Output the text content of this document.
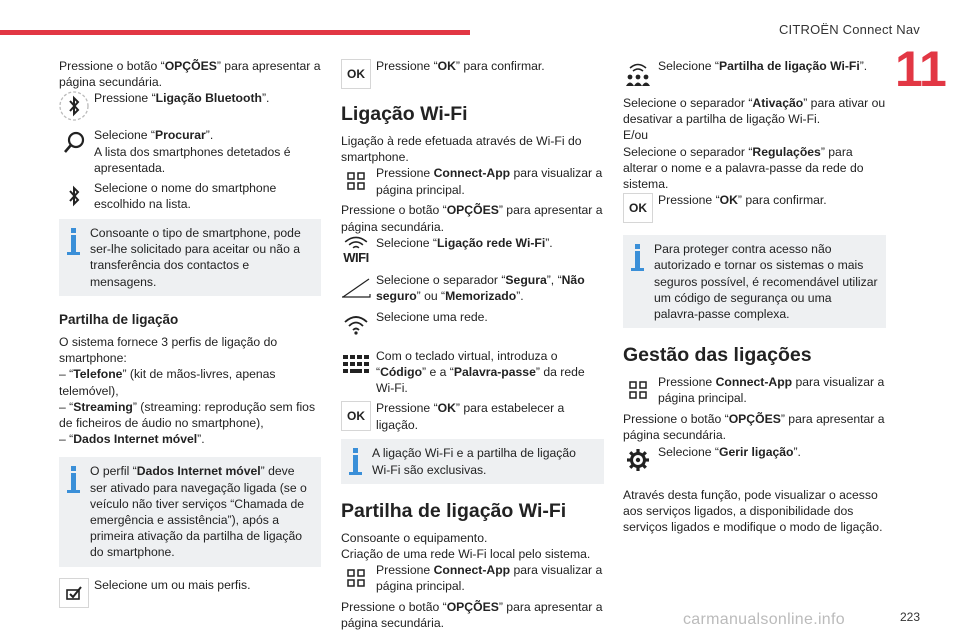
CITROËN Connect Nav
11

Pressione o botão “OPÇÕES” para apresentar a página secundária.

Pressione “Ligação Bluetooth”.

Selecione “Procurar”.
A lista dos smartphones detetados é apresentada.

Selecione o nome do smartphone escolhido na lista.

Consoante o tipo de smartphone, pode ser-lhe solicitado para aceitar ou não a transferência dos contactos e mensagens.

Partilha de ligação

O sistema fornece 3 perfis de ligação do smartphone:

– “Telefone” (kit de mãos-livres, apenas telemóvel),

– “Streaming” (streaming: reprodução sem fios de ficheiros de áudio no smartphone),

– “Dados Internet móvel”.

O perfil “Dados Internet móvel” deve ser ativado para navegação ligada (se o veículo não tiver serviços “Chamada de emergência e assistência”), após a primeira ativação da partilha de ligação do smartphone.

Selecione um ou mais perfis.

OK

Pressione “OK” para confirmar.

Ligação Wi-Fi

Ligação à rede efetuada através de Wi-Fi do smartphone.

Pressione Connect-App para visualizar a página principal.

Pressione o botão “OPÇÕES” para apresentar a página secundária.

WIFI

Selecione “Ligação rede Wi-Fi”.

Selecione o separador “Segura”, “Não seguro” ou “Memorizado”.

Selecione uma rede.

Com o teclado virtual, introduza o “Código” e a “Palavra-passe” da rede Wi-Fi.

OK

Pressione “OK” para estabelecer a ligação.

A ligação Wi-Fi e a partilha de ligação Wi-Fi são exclusivas.

Partilha de ligação Wi-Fi

Consoante o equipamento.

Criação de uma rede Wi-Fi local pelo sistema.

Pressione Connect-App para visualizar a página principal.

Pressione o botão “OPÇÕES” para apresentar a página secundária.

Selecione “Partilha de ligação Wi-Fi”.

Selecione o separador “Ativação” para ativar ou desativar a partilha de ligação Wi-Fi.

E/ou

Selecione o separador “Regulações” para alterar o nome e a palavra-passe da rede do sistema.

OK

Pressione “OK” para confirmar.

Para proteger contra acesso não autorizado e tornar os sistemas o mais seguros possível, é recomendável utilizar um código de segurança ou uma palavra-passe complexa.

Gestão das ligações

Pressione Connect-App para visualizar a página principal.

Pressione o botão “OPÇÕES” para apresentar a página secundária.

Selecione “Gerir ligação”.

Através desta função, pode visualizar o acesso aos serviços ligados, a disponibilidade dos serviços ligados e modifique o modo de ligação.

carmanualsonline.info	223
